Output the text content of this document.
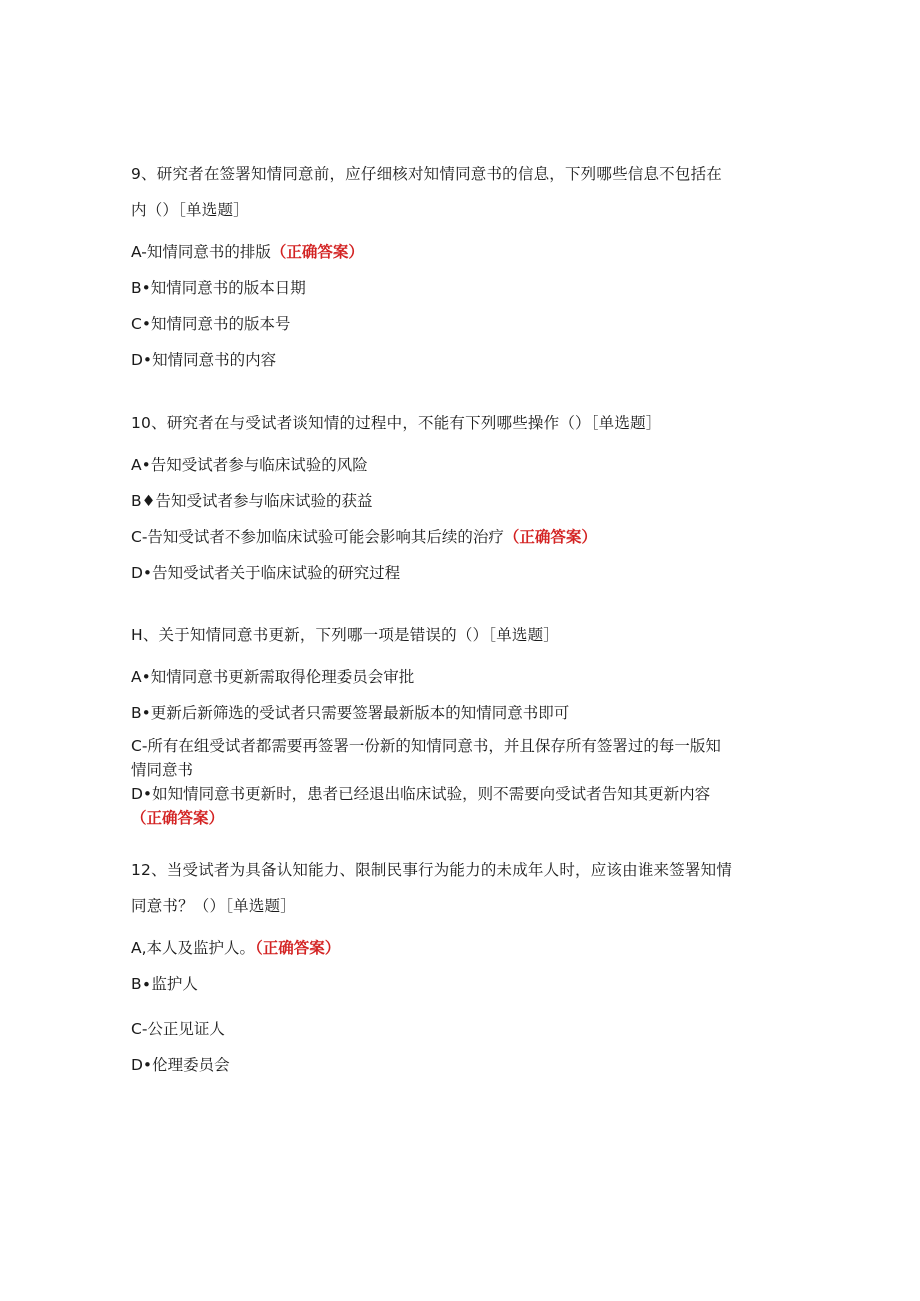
9、研究者在签署知情同意前，应仔细核对知情同意书的信息，下列哪些信息不包括在
内（）［单选题］
A-知情同意书的排版（正确答案）
B•知情同意书的版本日期
C•知情同意书的版本号
D•知情同意书的内容
10、研究者在与受试者谈知情的过程中，不能有下列哪些操作（）［单选题］
A•告知受试者参与临床试验的风险
B♦告知受试者参与临床试验的获益
C-告知受试者不参加临床试验可能会影响其后续的治疗（正确答案）
D•告知受试者关于临床试验的研究过程
H、关于知情同意书更新，下列哪一项是错误的（）［单选题］
A•知情同意书更新需取得伦理委员会审批
B•更新后新筛选的受试者只需要签署最新版本的知情同意书即可
C-所有在组受试者都需要再签署一份新的知情同意书，并且保存所有签署过的每一版知
情同意书
D•如知情同意书更新时，患者已经退出临床试验，则不需要向受试者告知其更新内容
（正确答案）
12、当受试者为具备认知能力、限制民事行为能力的未成年人时，应该由谁来签署知情
同意书？（）［单选题］
A,本人及监护人。（正确答案）
B∙监护人
C-公正见证人
D•伦理委员会
